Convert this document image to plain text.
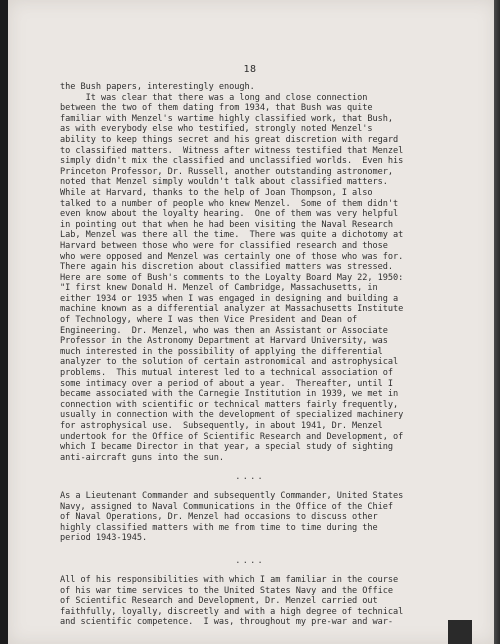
18
the Bush papers, interestingly enough.
It was clear that there was a long and close connection
between the two of them dating from 1934, that Bush was quite
familiar with Menzel's wartime highly classified work, that Bush,
as with everybody else who testified, strongly noted Menzel's
ability to keep things secret and his great discretion with regard
to classified matters.  Witness after witness testified that Menzel
simply didn't mix the classified and unclassified worlds.  Even his
Princeton Professor, Dr. Russell, another outstanding astronomer,
noted that Menzel simply wouldn't talk about classified matters.
While at Harvard, thanks to the help of Joan Thompson, I also
talked to a number of people who knew Menzel.  Some of them didn't
even know about the loyalty hearing.  One of them was very helpful
in pointing out that when he had been visiting the Naval Research
Lab, Menzel was there all the time.  There was quite a dichotomy at
Harvard between those who were for classified research and those
who were opposed and Menzel was certainly one of those who was for.
There again his discretion about classified matters was stressed.
Here are some of Bush's comments to the Loyalty Board May 22, 1950:
"I first knew Donald H. Menzel of Cambridge, Massachusetts, in
either 1934 or 1935 when I was engaged in designing and building a
machine known as a differential analyzer at Massachusetts Institute
of Technology, where I was then Vice President and Dean of
Engineering.  Dr. Menzel, who was then an Assistant or Associate
Professor in the Astronomy Department at Harvard University, was
much interested in the possibility of applying the differential
analyzer to the solution of certain astronomical and astrophysical
problems.  This mutual interest led to a technical association of
some intimacy over a period of about a year.  Thereafter, until I
became associated with the Carnegie Institution in 1939, we met in
connection with scientific or technical matters fairly frequently,
usually in connection with the development of specialized machinery
for astrophysical use.  Subsequently, in about 1941, Dr. Menzel
undertook for the Office of Scientific Research and Development, of
which I became Director in that year, a special study of sighting
anti-aircraft guns into the sun.
....
As a Lieutenant Commander and subsequently Commander, United States
Navy, assigned to Naval Communications in the Office of the Chief
of Naval Operations, Dr. Menzel had occasions to discuss other
highly classified matters with me from time to time during the
period 1943-1945.
....
All of his responsibilities with which I am familiar in the course
of his war time services to the United States Navy and the Office
of Scientific Research and Development, Dr. Menzel carried out
faithfully, loyally, discreetly and with a high degree of technical
and scientific competence.  I was, throughout my pre-war and war-
